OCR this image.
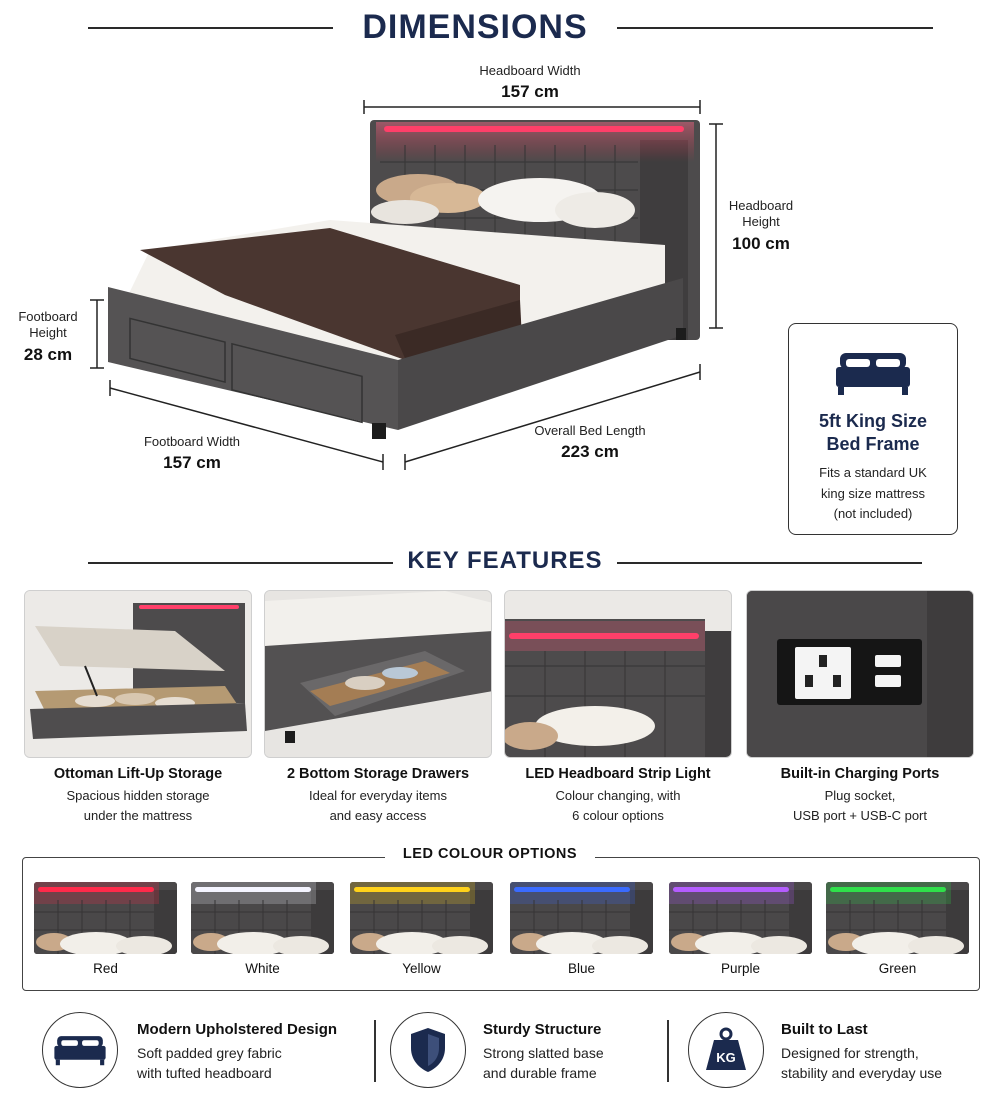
DIMENSIONS
Headboard Width
157 cm
Headboard Height
100 cm
Footboard Height
28 cm
Footboard Width
157 cm
Overall Bed Length
223 cm
5ft King Size
Bed Frame
Fits a standard UK
king size mattress
(not included)
KEY FEATURES
Ottoman Lift-Up Storage
Spacious hidden storage
under the mattress
2 Bottom Storage Drawers
Ideal for everyday items
and easy access
LED Headboard Strip Light
Colour changing, with
6 colour options
Built-in Charging Ports
Plug socket,
USB port + USB-C port
LED COLOUR OPTIONS
Red	White	Yellow	Blue	Purple	Green
Modern Upholstered Design
Soft padded grey fabric
with tufted headboard
Sturdy Structure
Strong slatted base
and durable frame
KG
Built to Last
Designed for strength,
stability and everyday use
